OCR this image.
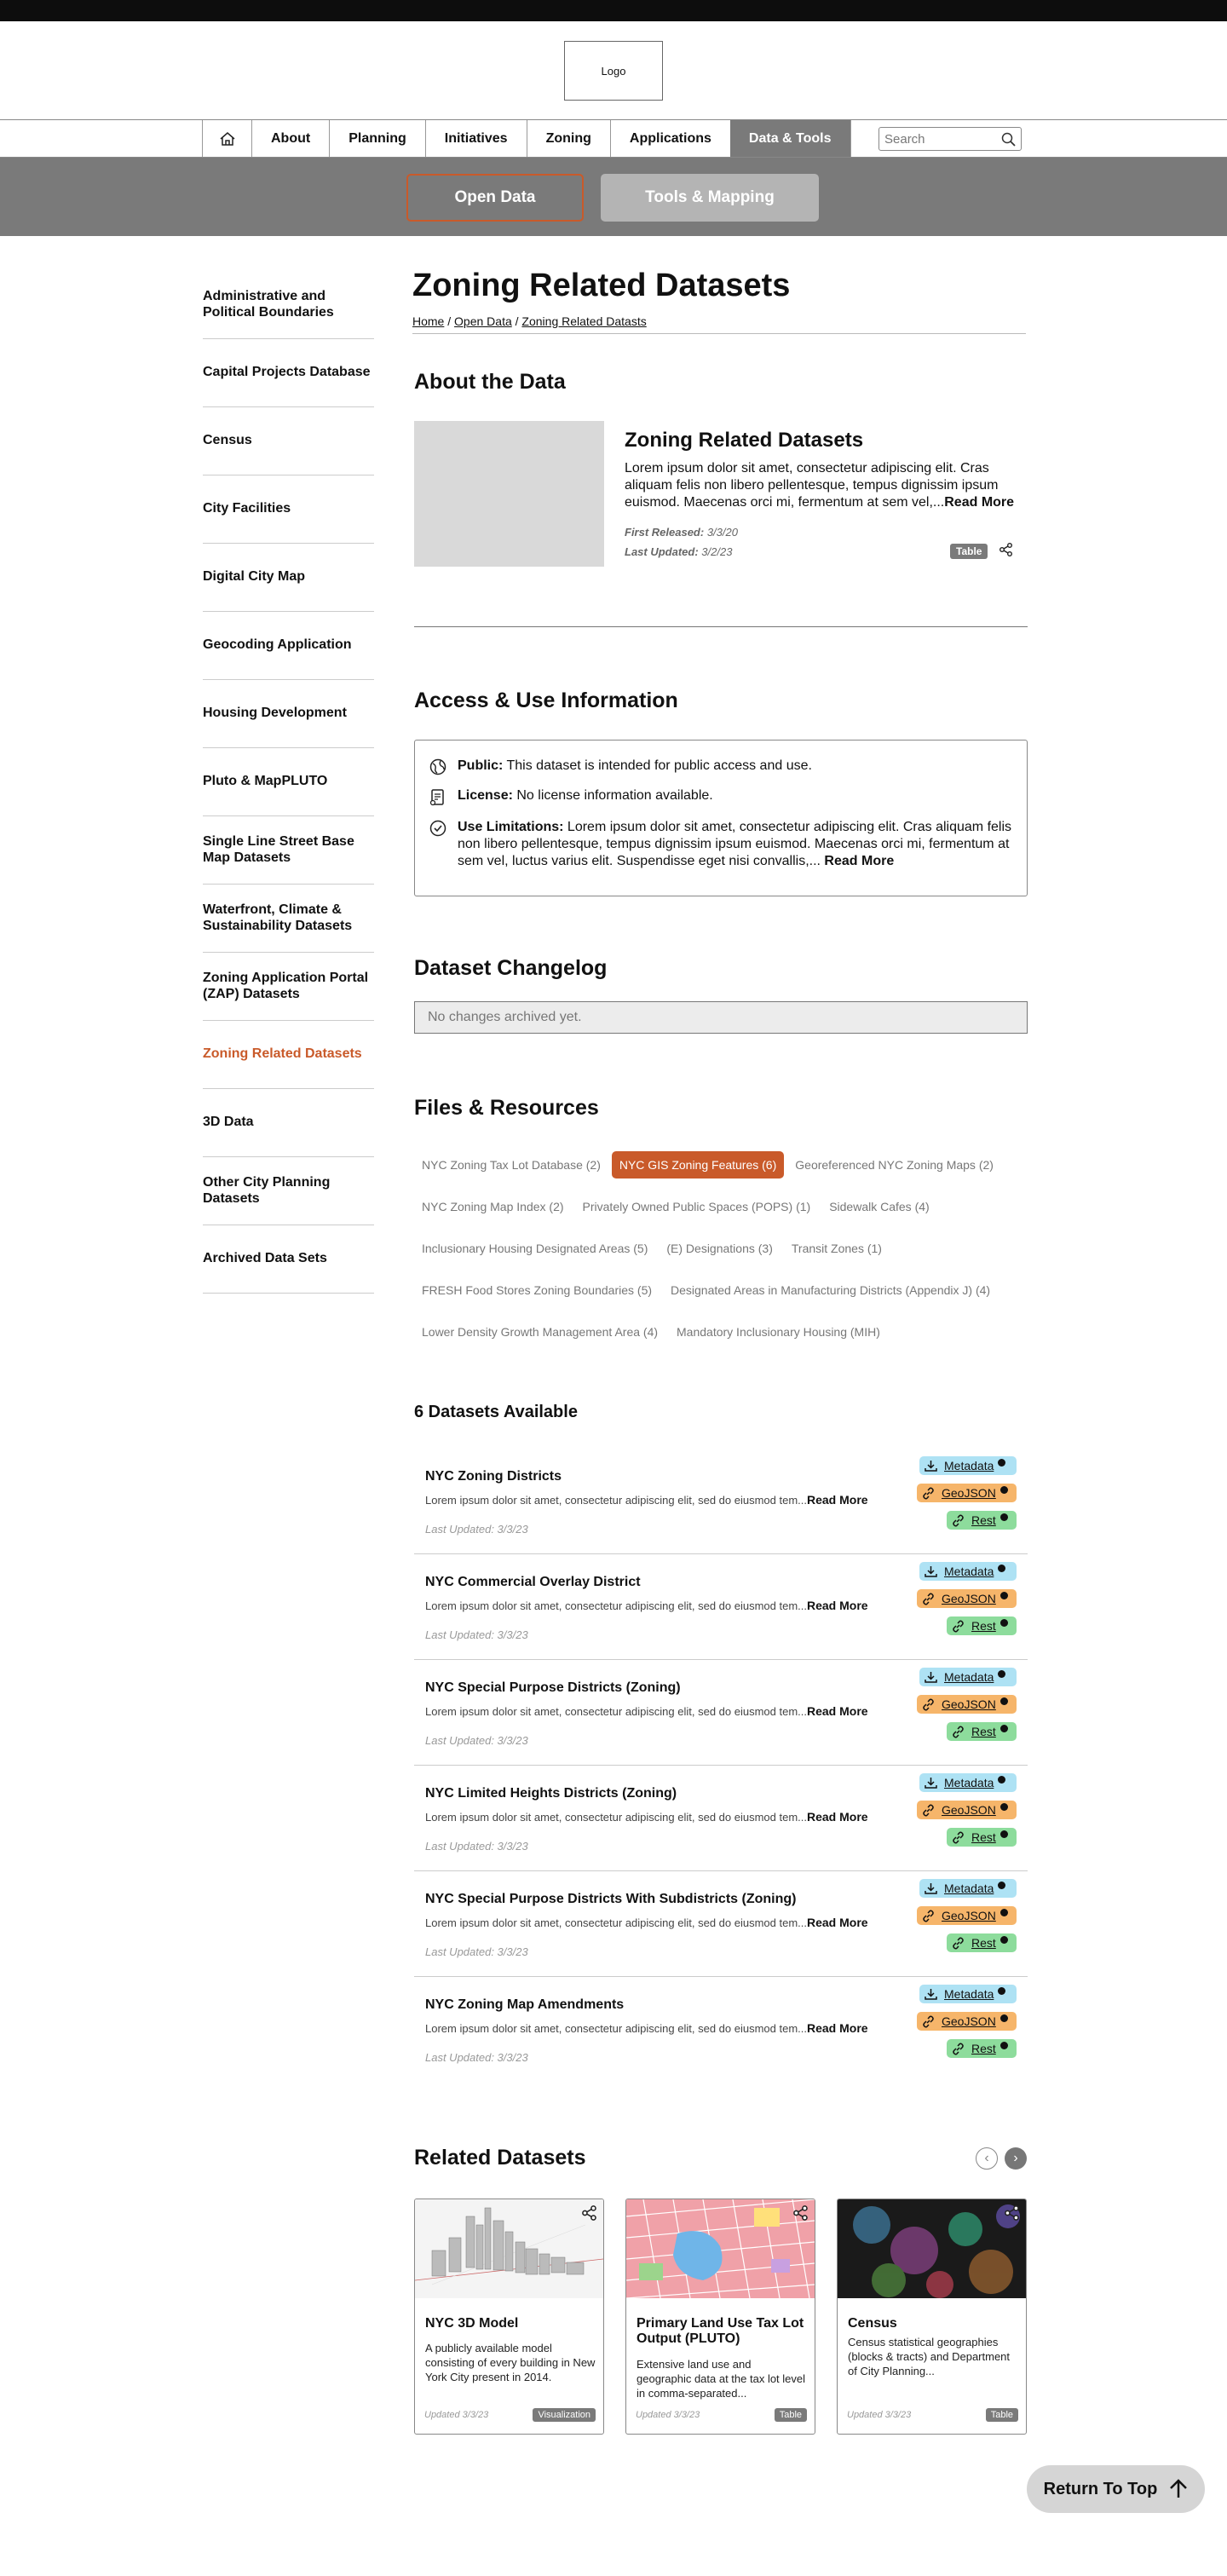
Logo
About	Planning	Initiatives	Zoning	Applications	Data & Tools	Search
Open Data	Tools & Mapping
Administrative and Political Boundaries
Capital Projects Database
Census
City Facilities
Digital City Map
Geocoding Application
Housing Development
Pluto & MapPLUTO
Single Line Street Base Map Datasets
Waterfront, Climate & Sustainability Datasets
Zoning Application Portal (ZAP) Datasets
Zoning Related Datasets
3D Data
Other City Planning Datasets
Archived Data Sets
Zoning Related Datasets
Home / Open Data / Zoning Related Datasts
About the Data
Zoning Related Datasets
Lorem ipsum dolor sit amet, consectetur adipiscing elit. Cras aliquam felis non libero pellentesque, tempus dignissim ipsum euismod. Maecenas orci mi, fermentum at sem vel,...Read More
First Released: 3/3/20
Last Updated: 3/2/23	Table
Access & Use Information
Public: This dataset is intended for public access and use.
License: No license information available.
Use Limitations: Lorem ipsum dolor sit amet, consectetur adipiscing elit. Cras aliquam felis non libero pellentesque, tempus dignissim ipsum euismod. Maecenas orci mi, fermentum at sem vel, luctus varius elit. Suspendisse eget nisi convallis,... Read More
Dataset Changelog
No changes archived yet.
Files & Resources
NYC Zoning Tax Lot Database (2)	NYC GIS Zoning Features (6)	Georeferenced NYC Zoning Maps (2)
NYC Zoning Map Index (2)	Privately Owned Public Spaces (POPS) (1)	Sidewalk Cafes (4)
Inclusionary Housing Designated Areas (5)	(E) Designations (3)	Transit Zones (1)
FRESH Food Stores Zoning Boundaries (5)	Designated Areas in Manufacturing Districts (Appendix J) (4)
Lower Density Growth Management Area (4)	Mandatory Inclusionary Housing (MIH)
6 Datasets Available
NYC Zoning Districts
Lorem ipsum dolor sit amet, consectetur adipiscing elit, sed do eiusmod tem...Read More
Last Updated: 3/3/23
Metadata
GeoJSON
Rest
NYC Commercial Overlay District
Lorem ipsum dolor sit amet, consectetur adipiscing elit, sed do eiusmod tem...Read More
Last Updated: 3/3/23
Metadata
GeoJSON
Rest
NYC Special Purpose Districts (Zoning)
Lorem ipsum dolor sit amet, consectetur adipiscing elit, sed do eiusmod tem...Read More
Last Updated: 3/3/23
Metadata
GeoJSON
Rest
NYC Limited Heights Districts (Zoning)
Lorem ipsum dolor sit amet, consectetur adipiscing elit, sed do eiusmod tem...Read More
Last Updated: 3/3/23
Metadata
GeoJSON
Rest
NYC Special Purpose Districts With Subdistricts (Zoning)
Lorem ipsum dolor sit amet, consectetur adipiscing elit, sed do eiusmod tem...Read More
Last Updated: 3/3/23
Metadata
GeoJSON
Rest
NYC Zoning Map Amendments
Lorem ipsum dolor sit amet, consectetur adipiscing elit, sed do eiusmod tem...Read More
Last Updated: 3/3/23
Metadata
GeoJSON
Rest
Related Datasets	‹ ›
NYC 3D Model
A publicly available model consisting of every building in New York City present in 2014.
Updated 3/3/23	Visualization
Primary Land Use Tax Lot Output (PLUTO)
Extensive land use and geographic data at the tax lot level in comma-separated...
Updated 3/3/23	Table
Census
Census statistical geographies (blocks & tracts) and Department of City Planning...
Updated 3/3/23	Table
Return To Top
